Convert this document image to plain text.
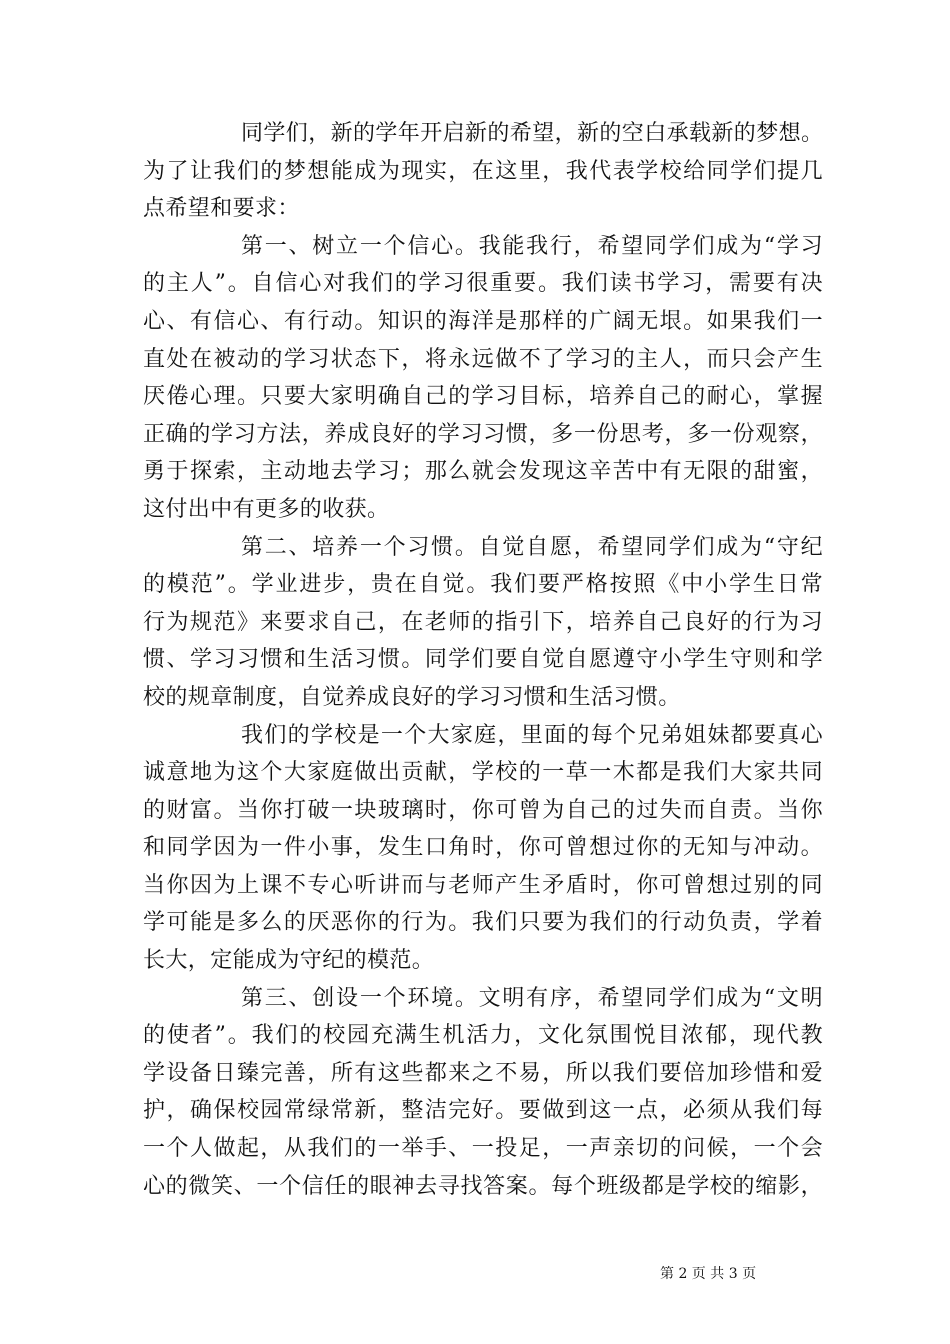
同学们，新的学年开启新的希望，新的空白承载新的梦想。
为了让我们的梦想能成为现实，在这里，我代表学校给同学们提几
点希望和要求：
第一、树立一个信心。我能我行，希望同学们成为“学习
的主人”。自信心对我们的学习很重要。我们读书学习，需要有决
心、有信心、有行动。知识的海洋是那样的广阔无垠。如果我们一
直处在被动的学习状态下，将永远做不了学习的主人，而只会产生
厌倦心理。只要大家明确自己的学习目标，培养自己的耐心，掌握
正确的学习方法，养成良好的学习习惯，多一份思考，多一份观察，
勇于探索，主动地去学习；那么就会发现这辛苦中有无限的甜蜜，
这付出中有更多的收获。
第二、培养一个习惯。自觉自愿，希望同学们成为“守纪
的模范”。学业进步，贵在自觉。我们要严格按照《中小学生日常
行为规范》来要求自己，在老师的指引下，培养自己良好的行为习
惯、学习习惯和生活习惯。同学们要自觉自愿遵守小学生守则和学
校的规章制度，自觉养成良好的学习习惯和生活习惯。
我们的学校是一个大家庭，里面的每个兄弟姐妹都要真心
诚意地为这个大家庭做出贡献，学校的一草一木都是我们大家共同
的财富。当你打破一块玻璃时，你可曾为自己的过失而自责。当你
和同学因为一件小事，发生口角时，你可曾想过你的无知与冲动。
当你因为上课不专心听讲而与老师产生矛盾时，你可曾想过别的同
学可能是多么的厌恶你的行为。我们只要为我们的行动负责，学着
长大，定能成为守纪的模范。
第三、创设一个环境。文明有序，希望同学们成为“文明
的使者”。我们的校园充满生机活力，文化氛围悦目浓郁，现代教
学设备日臻完善，所有这些都来之不易，所以我们要倍加珍惜和爱
护，确保校园常绿常新，整洁完好。要做到这一点，必须从我们每
一个人做起，从我们的一举手、一投足，一声亲切的问候，一个会
心的微笑、一个信任的眼神去寻找答案。每个班级都是学校的缩影，
第 2 页 共 3 页
